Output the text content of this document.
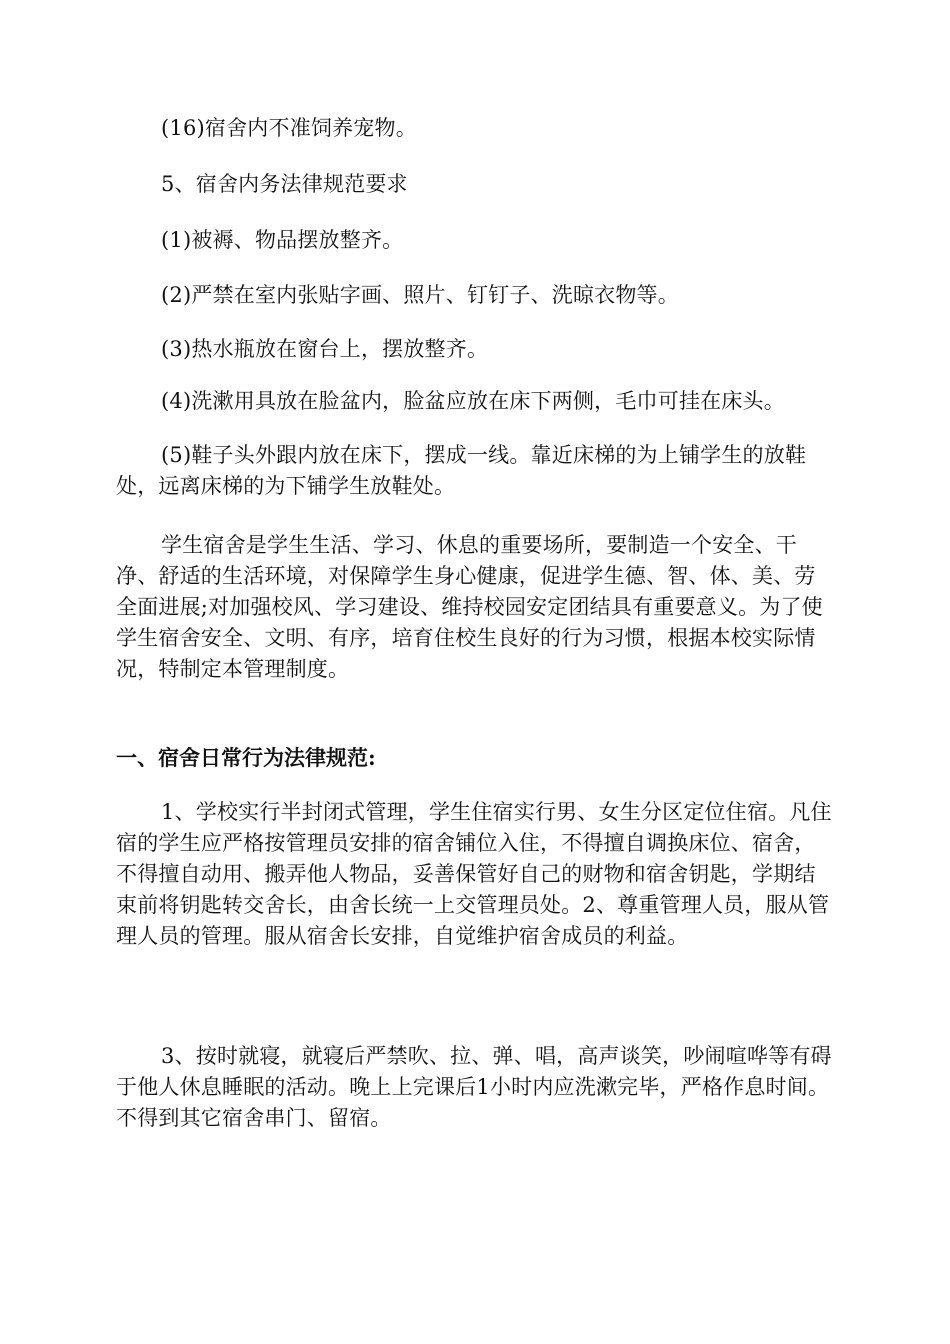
(16)宿舍内不准饲养宠物。

5、宿舍内务法律规范要求

(1)被褥、物品摆放整齐。

(2)严禁在室内张贴字画、照片、钉钉子、洗晾衣物等。

(3)热水瓶放在窗台上，摆放整齐。

(4)洗漱用具放在脸盆内，脸盆应放在床下两侧，毛巾可挂在床头。

(5)鞋子头外跟内放在床下，摆成一线。靠近床梯的为上铺学生的放鞋处，远离床梯的为下铺学生放鞋处。

学生宿舍是学生生活、学习、休息的重要场所，要制造一个安全、干净、舒适的生活环境，对保障学生身心健康，促进学生德、智、体、美、劳全面进展;对加强校风、学习建设、维持校园安定团结具有重要意义。为了使学生宿舍安全、文明、有序，培育住校生良好的行为习惯，根据本校实际情况，特制定本管理制度。

一、宿舍日常行为法律规范:

1、学校实行半封闭式管理，学生住宿实行男、女生分区定位住宿。凡住宿的学生应严格按管理员安排的宿舍铺位入住，不得擅自调换床位、宿舍，不得擅自动用、搬弄他人物品，妥善保管好自己的财物和宿舍钥匙，学期结束前将钥匙转交舍长，由舍长统一上交管理员处。2、尊重管理人员，服从管理人员的管理。服从宿舍长安排，自觉维护宿舍成员的利益。

3、按时就寝，就寝后严禁吹、拉、弹、唱，高声谈笑，吵闹喧哗等有碍于他人休息睡眠的活动。晚上上完课后1小时内应洗漱完毕，严格作息时间。不得到其它宿舍串门、留宿。
